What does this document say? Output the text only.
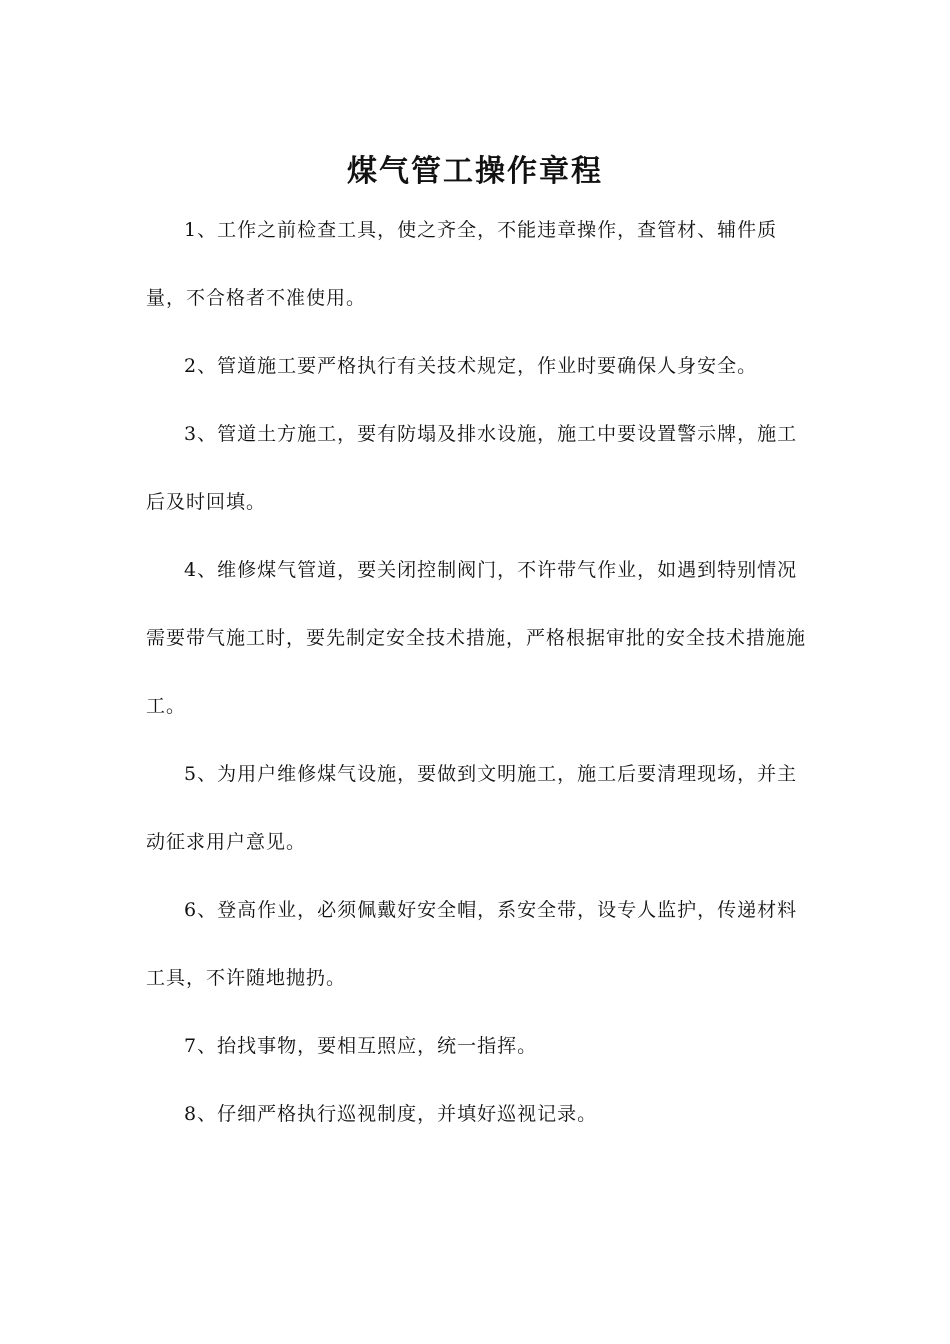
煤气管工操作章程

1、工作之前检查工具，使之齐全，不能违章操作，查管材、辅件质量，不合格者不准使用。

2、管道施工要严格执行有关技术规定，作业时要确保人身安全。

3、管道土方施工，要有防塌及排水设施，施工中要设置警示牌，施工后及时回填。

4、维修煤气管道，要关闭控制阀门，不许带气作业，如遇到特别情况需要带气施工时，要先制定安全技术措施，严格根据审批的安全技术措施施工。

5、为用户维修煤气设施，要做到文明施工，施工后要清理现场，并主动征求用户意见。

6、登高作业，必须佩戴好安全帽，系安全带，设专人监护，传递材料工具，不许随地抛扔。

7、抬找事物，要相互照应，统一指挥。

8、仔细严格执行巡视制度，并填好巡视记录。
